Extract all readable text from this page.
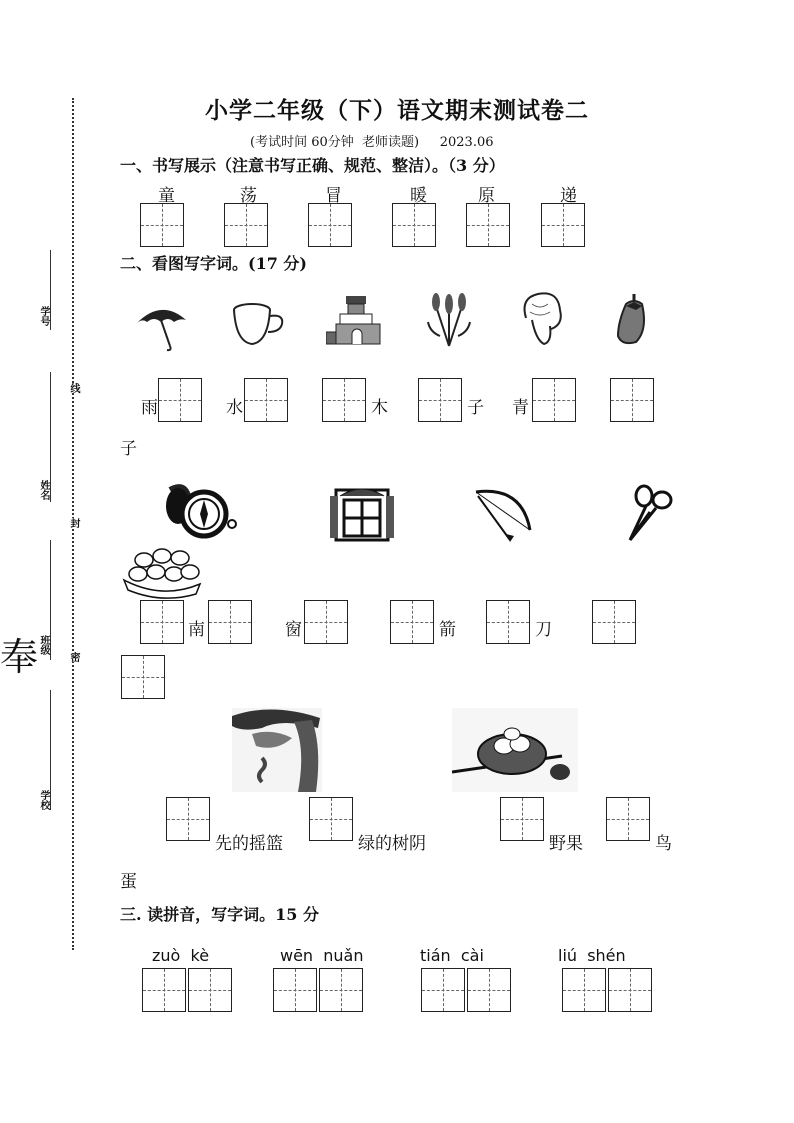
小学二年级（下）语文期末测试卷二
(考试时间 60分钟  老师读题)     2023.06
学号
姓名
班级
学校
线
封
密
奉
一、书写展示（注意书写正确、规范、整洁）。（3 分）
童	荡	冒	暖	原	递
二、看图写字词。(17 分)
雨	水	木	子 青
子
南	窗	箭	刀
先的摇篮	绿的树阴	野果	鸟
蛋
三. 读拼音，写字词。15 分
zuò  kè	wēn  nuǎn	tián  cài	liú  shén
